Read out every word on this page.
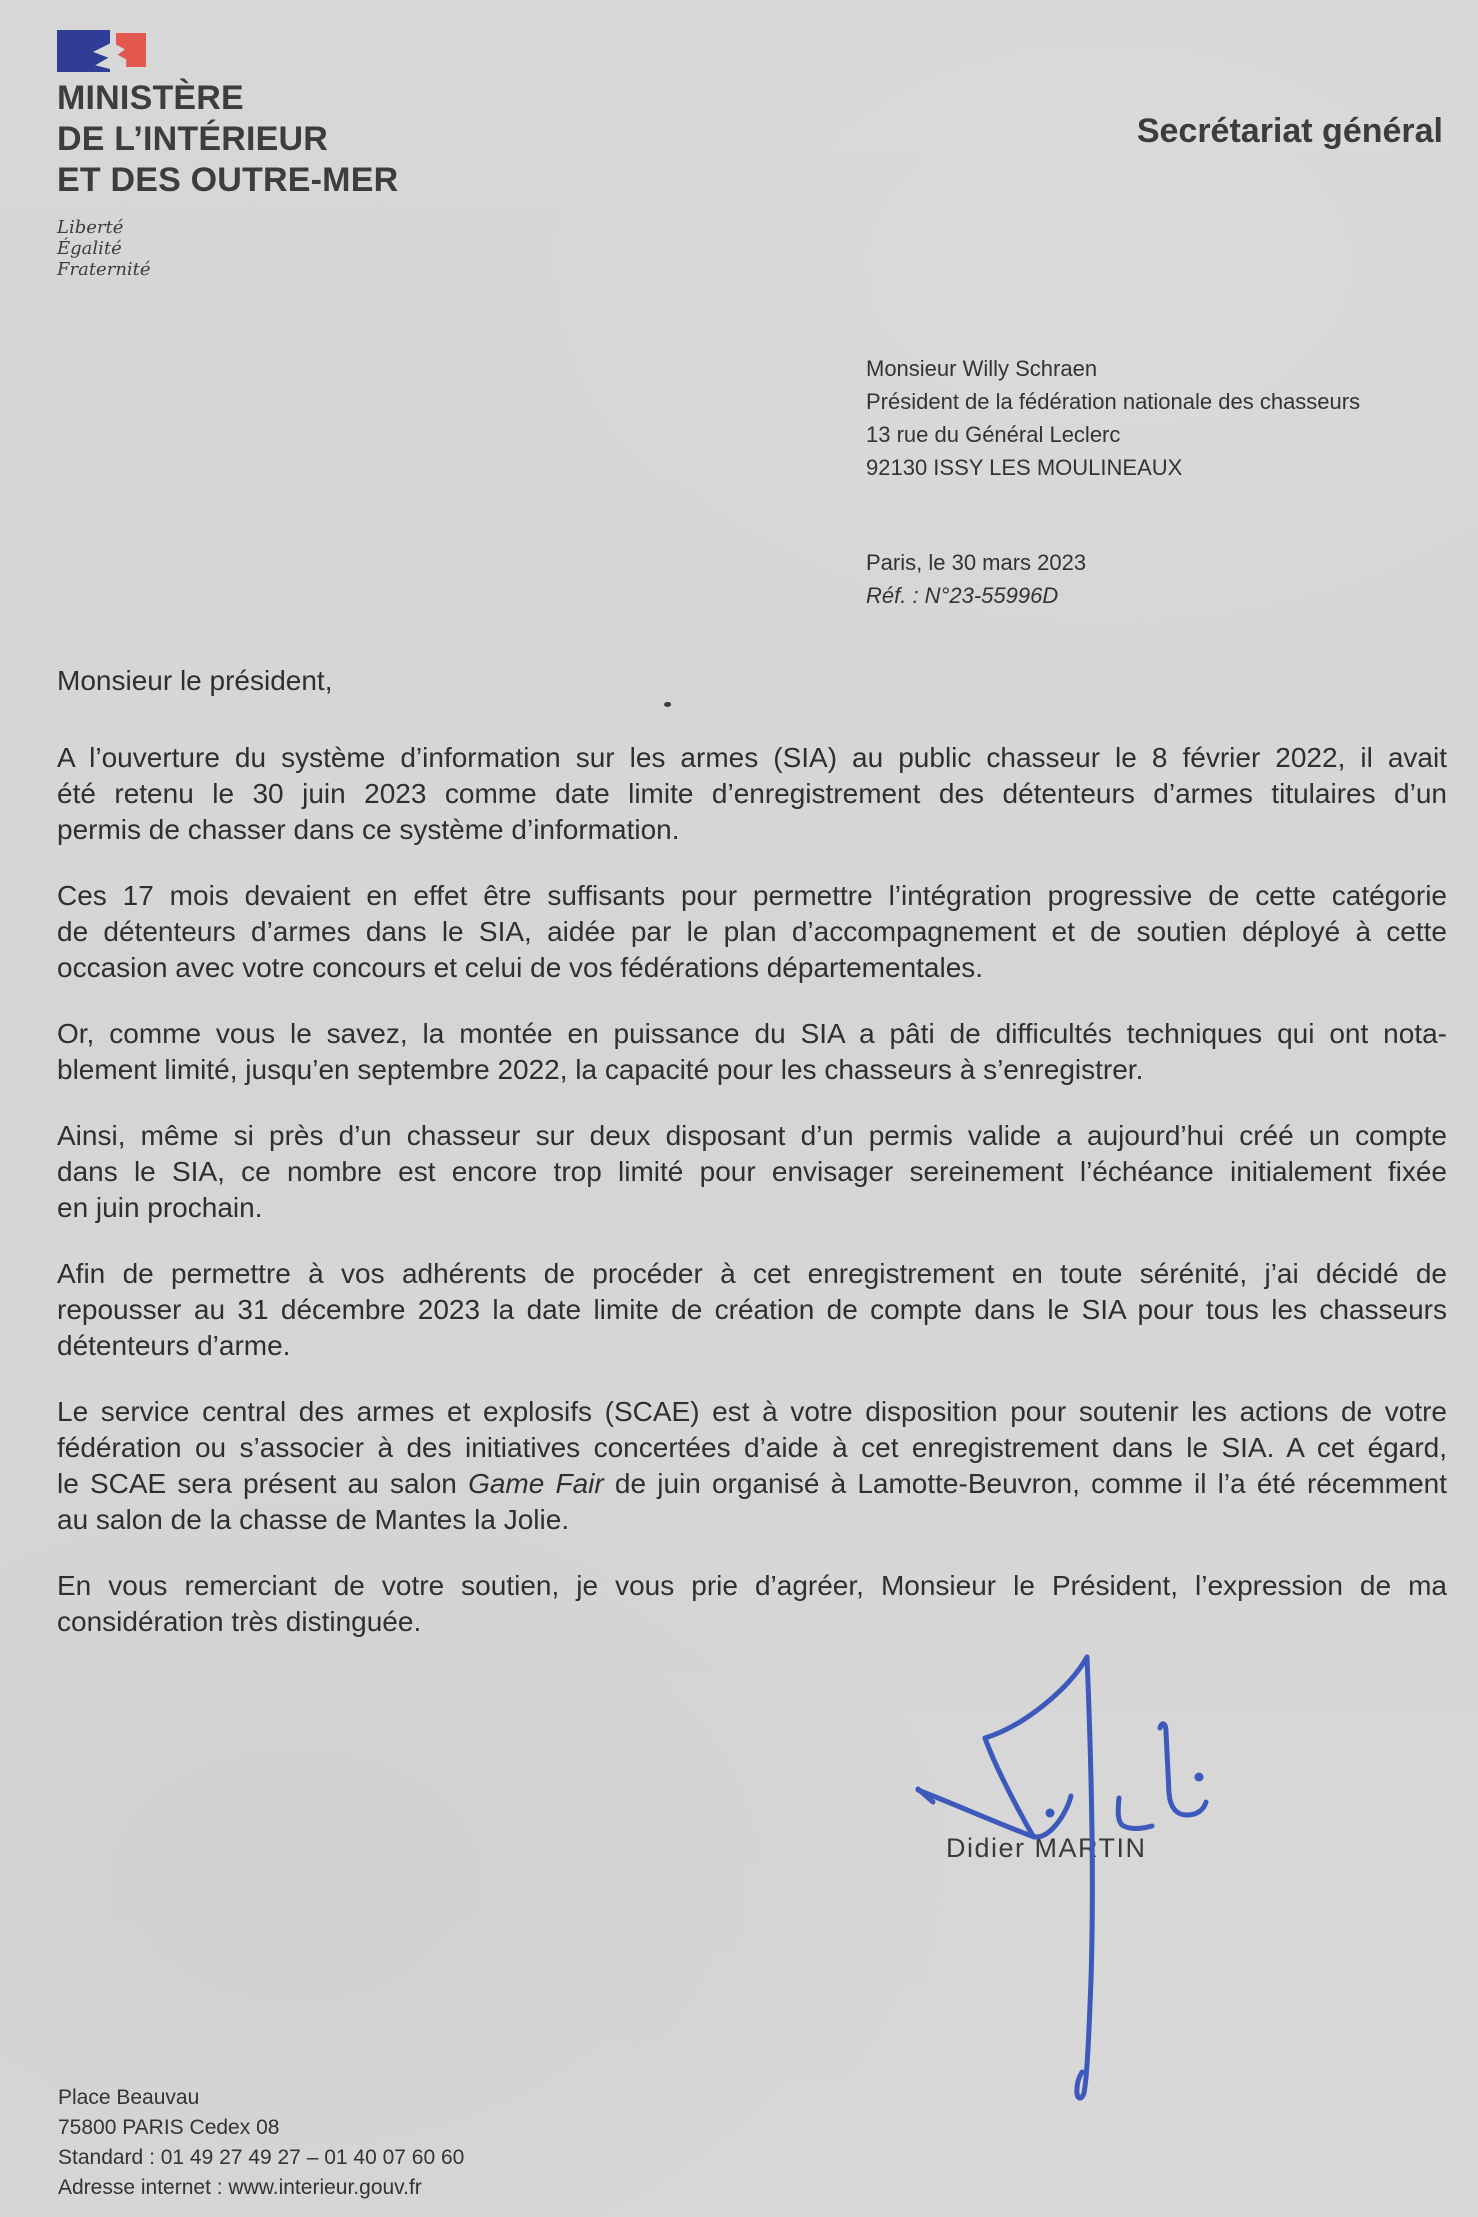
MINISTÈRE
DE L’INTÉRIEUR
ET DES OUTRE-MER
Liberté
Égalité
Fraternité
Secrétariat général
Monsieur Willy Schraen
Président de la fédération nationale des chasseurs
13 rue du Général Leclerc
92130 ISSY LES MOULINEAUX
Paris, le 30 mars 2023
Réf. : N°23-55996D
Monsieur le président,
A l’ouverture du système d’information sur les armes (SIA) au public chasseur le 8 février 2022, il avait
été retenu le 30 juin 2023 comme date limite d’enregistrement des détenteurs d’armes titulaires d’un
permis de chasser dans ce système d’information.
Ces 17 mois devaient en effet être suffisants pour permettre l’intégration progressive de cette catégorie
de détenteurs d’armes dans le SIA, aidée par le plan d’accompagnement et de soutien déployé à cette
occasion avec votre concours et celui de vos fédérations départementales.
Or, comme vous le savez, la montée en puissance du SIA a pâti de difficultés techniques qui ont nota-
blement limité, jusqu’en septembre 2022, la capacité pour les chasseurs à s’enregistrer.
Ainsi, même si près d’un chasseur sur deux disposant d’un permis valide a aujourd’hui créé un compte
dans le SIA, ce nombre est encore trop limité pour envisager sereinement l’échéance initialement fixée
en juin prochain.
Afin de permettre à vos adhérents de procéder à cet enregistrement en toute sérénité, j’ai décidé de
repousser au 31 décembre 2023 la date limite de création de compte dans le SIA pour tous les chasseurs
détenteurs d’arme.
Le service central des armes et explosifs (SCAE) est à votre disposition pour soutenir les actions de votre
fédération ou s’associer à des initiatives concertées d’aide à cet enregistrement dans le SIA. A cet égard,
le SCAE sera présent au salon Game Fair de juin organisé à Lamotte-Beuvron, comme il l’a été récemment
au salon de la chasse de Mantes la Jolie.
En vous remerciant de votre soutien, je vous prie d’agréer, Monsieur le Président, l’expression de ma
considération très distinguée.
Didier MARTIN
Place Beauvau
75800 PARIS Cedex 08
Standard : 01 49 27 49 27 – 01 40 07 60 60
Adresse internet : www.interieur.gouv.fr
